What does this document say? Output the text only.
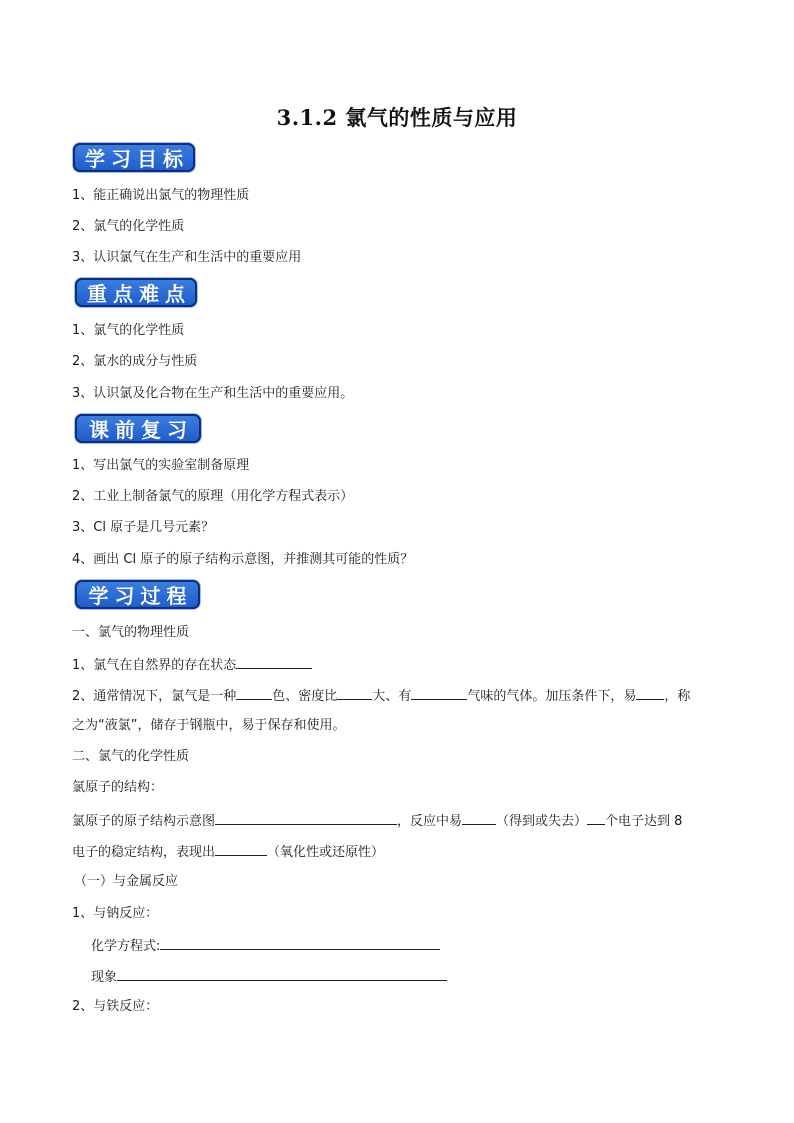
3.1.2 氯气的性质与应用
学习目标
1、能正确说出氯气的物理性质
2、氯气的化学性质
3、认识氯气在生产和生活中的重要应用
重点难点
1、氯气的化学性质
2、氯水的成分与性质
3、认识氯及化合物在生产和生活中的重要应用。
课前复习
1、写出氯气的实验室制备原理
2、工业上制备氯气的原理（用化学方程式表示）
3、Cl 原子是几号元素？
4、画出 Cl 原子的原子结构示意图，并推测其可能的性质？
学习过程
一、氯气的物理性质
1、氯气在自然界的存在状态
2、通常情况下，氯气是一种	色、密度比	大、有	气味的气体。加压条件下，易 ，称
之为“液氯”，储存于钢瓶中，易于保存和使用。
二、氯气的化学性质
氯原子的结构：
氯原子的原子结构示意图	，反应中易	（得到或失去） 个电子达到 8
电子的稳定结构，表现出	（氧化性或还原性）
（一）与金属反应
1、与钠反应：
化学方程式:
现象
2、与铁反应：
